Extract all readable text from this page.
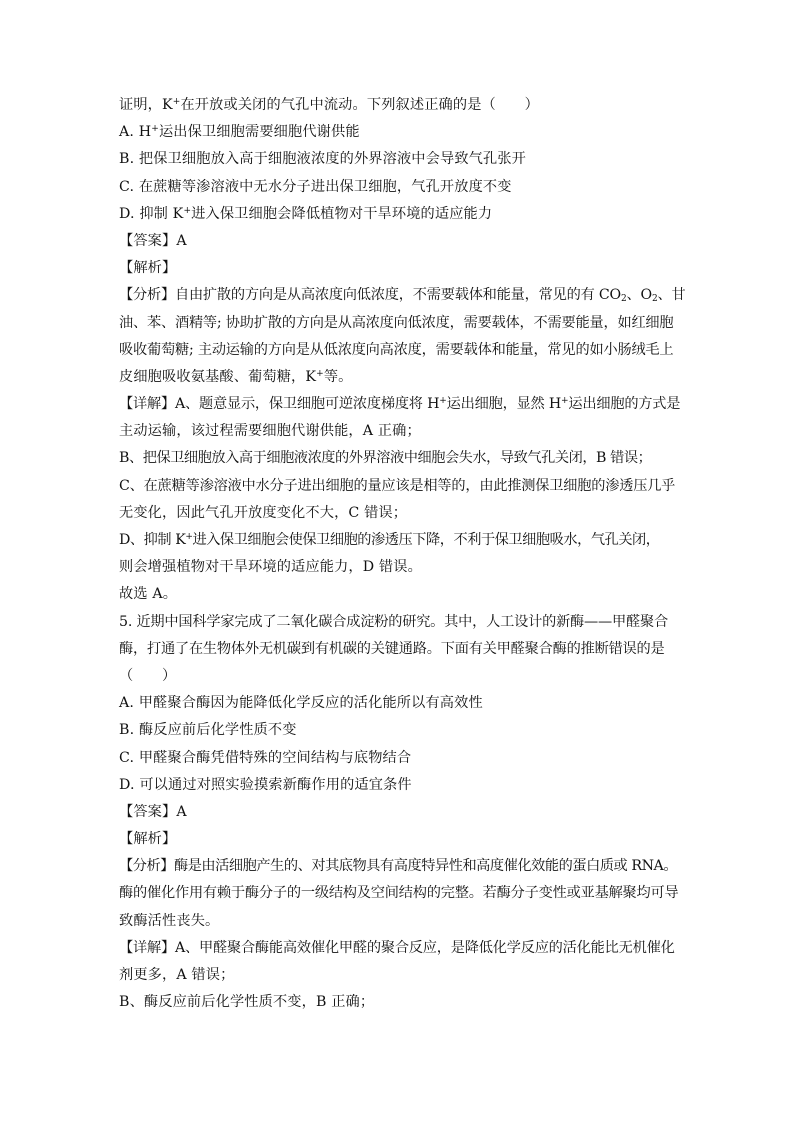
证明，K+在开放或关闭的气孔中流动。下列叙述正确的是（　　）
A. H+运出保卫细胞需要细胞代谢供能
B. 把保卫细胞放入高于细胞液浓度的外界溶液中会导致气孔张开
C. 在蔗糖等渗溶液中无水分子进出保卫细胞，气孔开放度不变
D. 抑制 K+进入保卫细胞会降低植物对干旱环境的适应能力
【答案】A
【解析】
【分析】自由扩散的方向是从高浓度向低浓度，不需要载体和能量，常见的有 $CO_2$、$O_2$、甘
油、苯、酒精等; 协助扩散的方向是从高浓度向低浓度，需要载体，不需要能量，如红细胞
吸收葡萄糖; 主动运输的方向是从低浓度向高浓度，需要载体和能量，常见的如小肠绒毛上
皮细胞吸收氨基酸、葡萄糖，K+等。
【详解】A、题意显示，保卫细胞可逆浓度梯度将 H+运出细胞，显然 H+运出细胞的方式是
主动运输，该过程需要细胞代谢供能，A 正确；
B、把保卫细胞放入高于细胞液浓度的外界溶液中细胞会失水，导致气孔关闭，B 错误；
C、在蔗糖等渗溶液中水分子进出细胞的量应该是相等的，由此推测保卫细胞的渗透压几乎
无变化，因此气孔开放度变化不大，C 错误；
D、抑制 K+进入保卫细胞会使保卫细胞的渗透压下降，不利于保卫细胞吸水，气孔关闭，
则会增强植物对干旱环境的适应能力，D 错误。
故选 A。
5. 近期中国科学家完成了二氧化碳合成淀粉的研究。其中，人工设计的新酶——甲醛聚合
酶，打通了在生物体外无机碳到有机碳的关键通路。下面有关甲醛聚合酶的推断错误的是
（　　）
A. 甲醛聚合酶因为能降低化学反应的活化能所以有高效性
B. 酶反应前后化学性质不变
C. 甲醛聚合酶凭借特殊的空间结构与底物结合
D. 可以通过对照实验摸索新酶作用的适宜条件
【答案】A
【解析】
【分析】酶是由活细胞产生的、对其底物具有高度特异性和高度催化效能的蛋白质或 RNA。
酶的催化作用有赖于酶分子的一级结构及空间结构的完整。若酶分子变性或亚基解聚均可导
致酶活性丧失。
【详解】A、甲醛聚合酶能高效催化甲醛的聚合反应，是降低化学反应的活化能比无机催化
剂更多，A 错误；
B、酶反应前后化学性质不变，B 正确；
